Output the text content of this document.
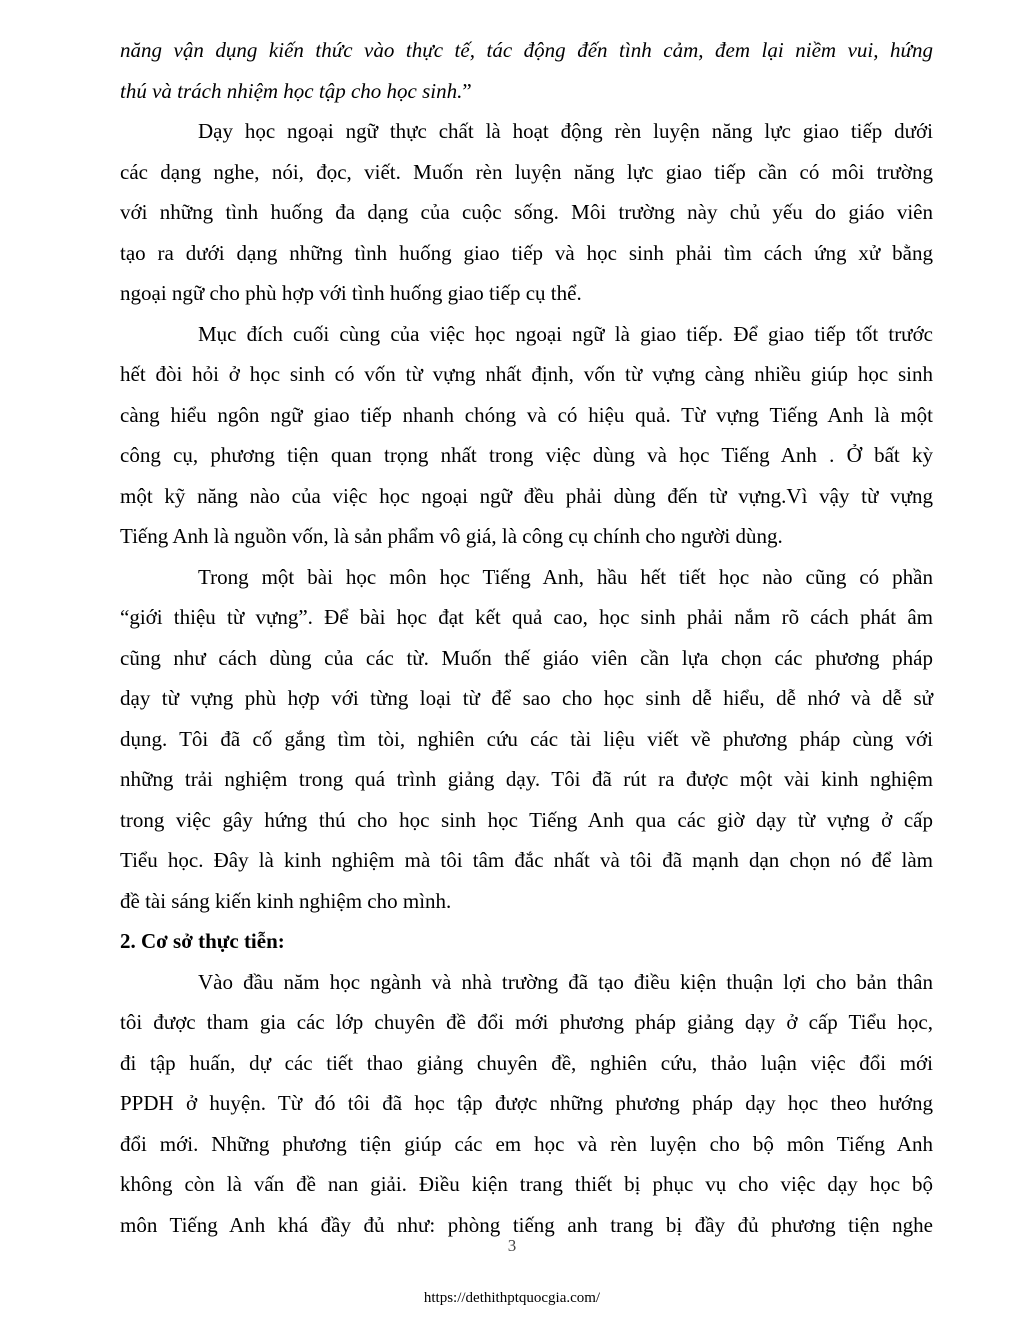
năng vận dụng kiến thức vào thực tế, tác động đến tình cảm, đem lại niềm vui, hứng
thú và trách nhiệm học tập cho học sinh.”
Dạy học ngoại ngữ thực chất là hoạt động rèn luyện năng lực giao tiếp dưới
các dạng nghe, nói, đọc, viết. Muốn rèn luyện năng lực giao tiếp cần có môi trường
với những tình huống đa dạng của cuộc sống. Môi trường này chủ yếu do giáo viên
tạo ra dưới dạng những tình huống giao tiếp và học sinh phải tìm cách ứng xử bằng
ngoại ngữ cho phù hợp với tình huống giao tiếp cụ thể.
Mục đích cuối cùng của việc học ngoại ngữ là giao tiếp. Để giao tiếp tốt trước
hết đòi hỏi ở học sinh có vốn từ vựng nhất định, vốn từ vựng càng nhiều giúp học sinh
càng hiểu ngôn ngữ giao tiếp nhanh chóng và có hiệu quả. Từ vựng Tiếng Anh là một
công cụ, phương tiện quan trọng nhất trong việc dùng và học Tiếng Anh . Ở bất kỳ
một kỹ năng nào của việc học ngoại ngữ đều phải dùng đến từ vựng.Vì vậy từ vựng
Tiếng Anh là nguồn vốn, là sản phẩm vô giá, là công cụ chính cho người dùng.
Trong một bài học môn học Tiếng Anh, hầu hết tiết học nào cũng có phần
“giới thiệu từ vựng”. Để bài học đạt kết quả cao, học sinh phải nắm rõ cách phát âm
cũng như cách dùng của các từ. Muốn thế giáo viên cần lựa chọn các phương pháp
dạy từ vựng phù hợp với từng loại từ để sao cho học sinh dễ hiểu, dễ nhớ và dễ sử
dụng. Tôi đã cố gắng tìm tòi, nghiên cứu các tài liệu viết về phương pháp cùng với
những trải nghiệm trong quá trình giảng dạy. Tôi đã rút ra được một vài kinh nghiệm
trong việc gây hứng thú cho học sinh học Tiếng Anh qua các giờ dạy từ vựng ở cấp
Tiểu học. Đây là kinh nghiệm mà tôi tâm đắc nhất và tôi đã mạnh dạn chọn nó để làm
đề tài sáng kiến kinh nghiệm cho mình.
2. Cơ sở thực tiễn:
Vào đầu năm học ngành và nhà trường đã tạo điều kiện thuận lợi cho bản thân
tôi được tham gia các lớp chuyên đề đổi mới phương pháp giảng dạy ở cấp Tiểu học,
đi tập huấn, dự các tiết thao giảng chuyên đề, nghiên cứu, thảo luận việc đổi mới
PPDH ở huyện. Từ đó tôi đã học tập được những phương pháp dạy học theo hướng
đổi mới. Những phương tiện giúp các em học và rèn luyện cho bộ môn Tiếng Anh
không còn là vấn đề nan giải. Điều kiện trang thiết bị phục vụ cho việc dạy học bộ
môn Tiếng Anh khá đầy đủ như: phòng tiếng anh trang bị đầy đủ phương tiện nghe
3
https://dethithptquocgia.com/
